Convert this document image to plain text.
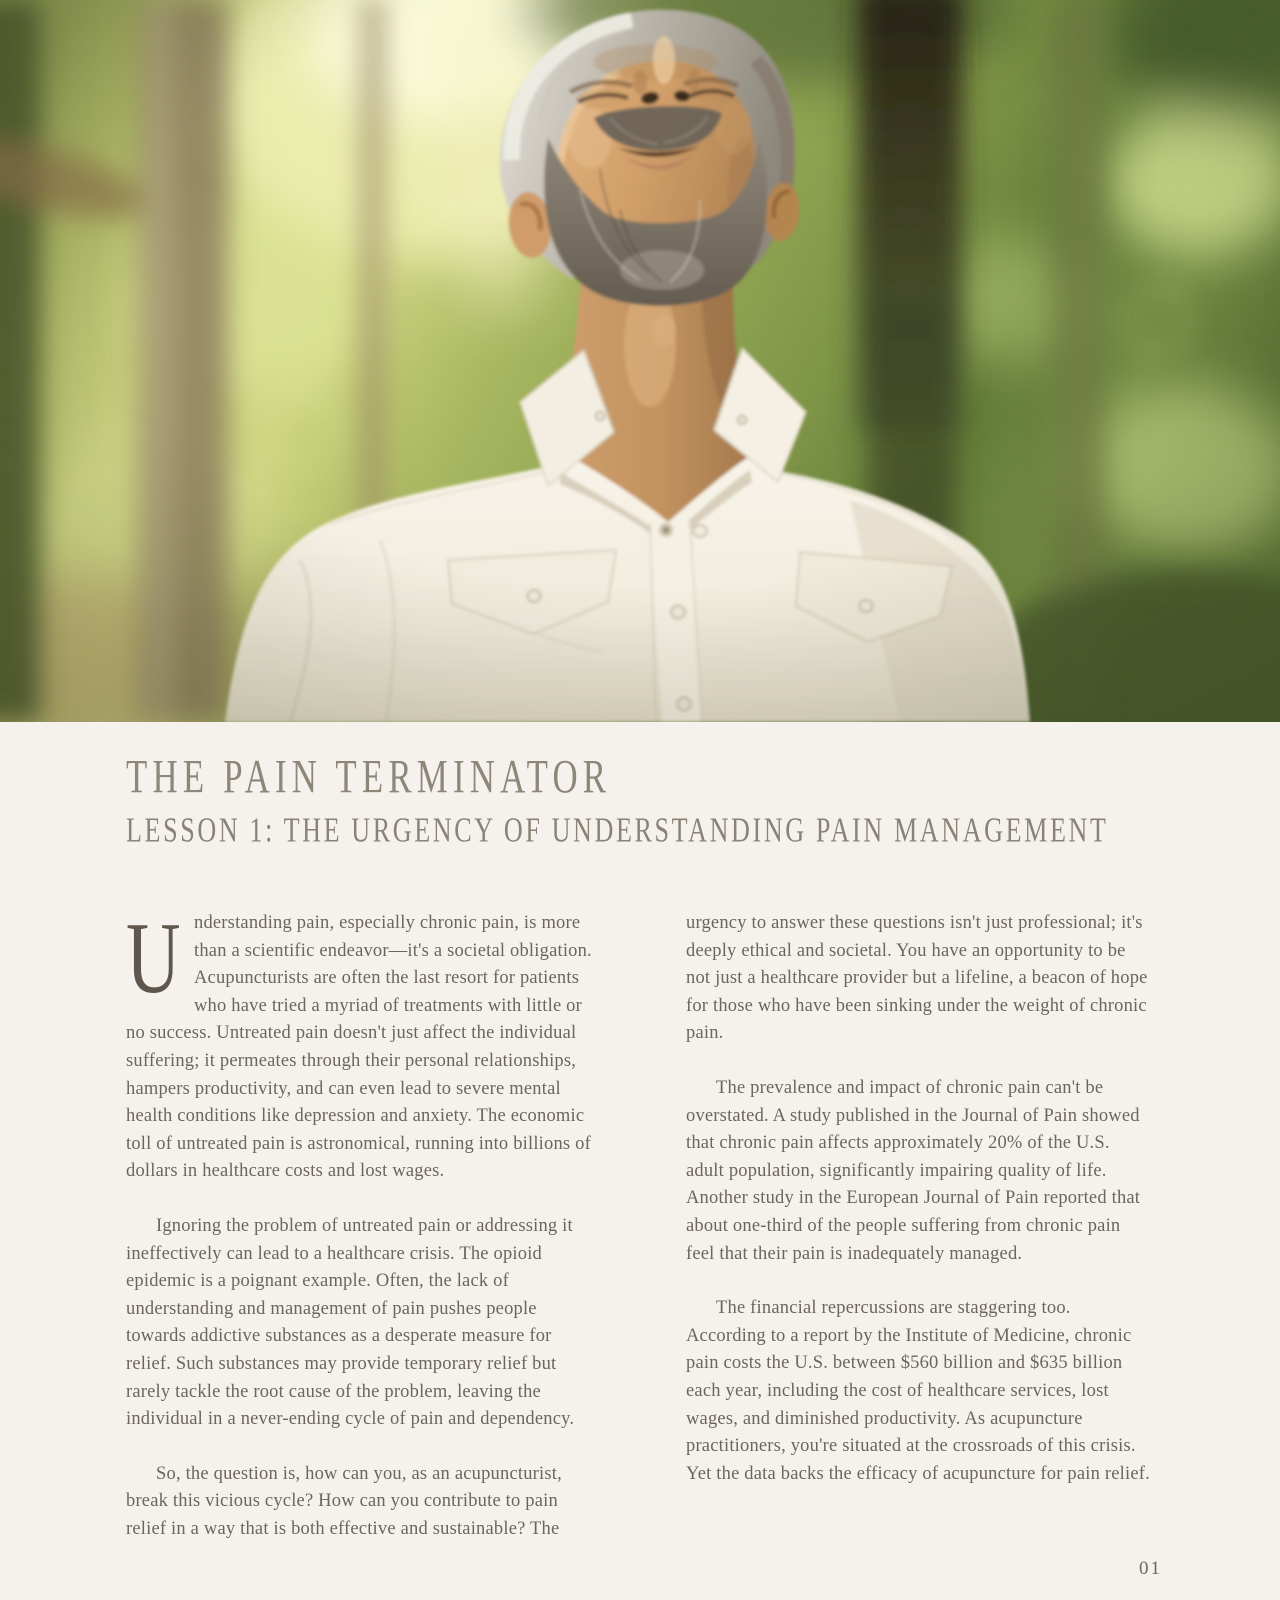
THE PAIN TERMINATOR
LESSON 1: THE URGENCY OF UNDERSTANDING PAIN MANAGEMENT

U nderstanding pain, especially chronic pain, is more than a scientific endeavor—it's a societal obligation. Acupuncturists are often the last resort for patients who have tried a myriad of treatments with little or no success. Untreated pain doesn't just affect the individual suffering; it permeates through their personal relationships, hampers productivity, and can even lead to severe mental health conditions like depression and anxiety. The economic toll of untreated pain is astronomical, running into billions of dollars in healthcare costs and lost wages.

Ignoring the problem of untreated pain or addressing it ineffectively can lead to a healthcare crisis. The opioid epidemic is a poignant example. Often, the lack of understanding and management of pain pushes people towards addictive substances as a desperate measure for relief. Such substances may provide temporary relief but rarely tackle the root cause of the problem, leaving the individual in a never-ending cycle of pain and dependency.

So, the question is, how can you, as an acupuncturist, break this vicious cycle? How can you contribute to pain relief in a way that is both effective and sustainable? The

urgency to answer these questions isn't just professional; it's deeply ethical and societal. You have an opportunity to be not just a healthcare provider but a lifeline, a beacon of hope for those who have been sinking under the weight of chronic pain.

The prevalence and impact of chronic pain can't be overstated. A study published in the Journal of Pain showed that chronic pain affects approximately 20% of the U.S. adult population, significantly impairing quality of life. Another study in the European Journal of Pain reported that about one-third of the people suffering from chronic pain feel that their pain is inadequately managed.

The financial repercussions are staggering too. According to a report by the Institute of Medicine, chronic pain costs the U.S. between $560 billion and $635 billion each year, including the cost of healthcare services, lost wages, and diminished productivity. As acupuncture practitioners, you're situated at the crossroads of this crisis. Yet the data backs the efficacy of acupuncture for pain relief.

01
